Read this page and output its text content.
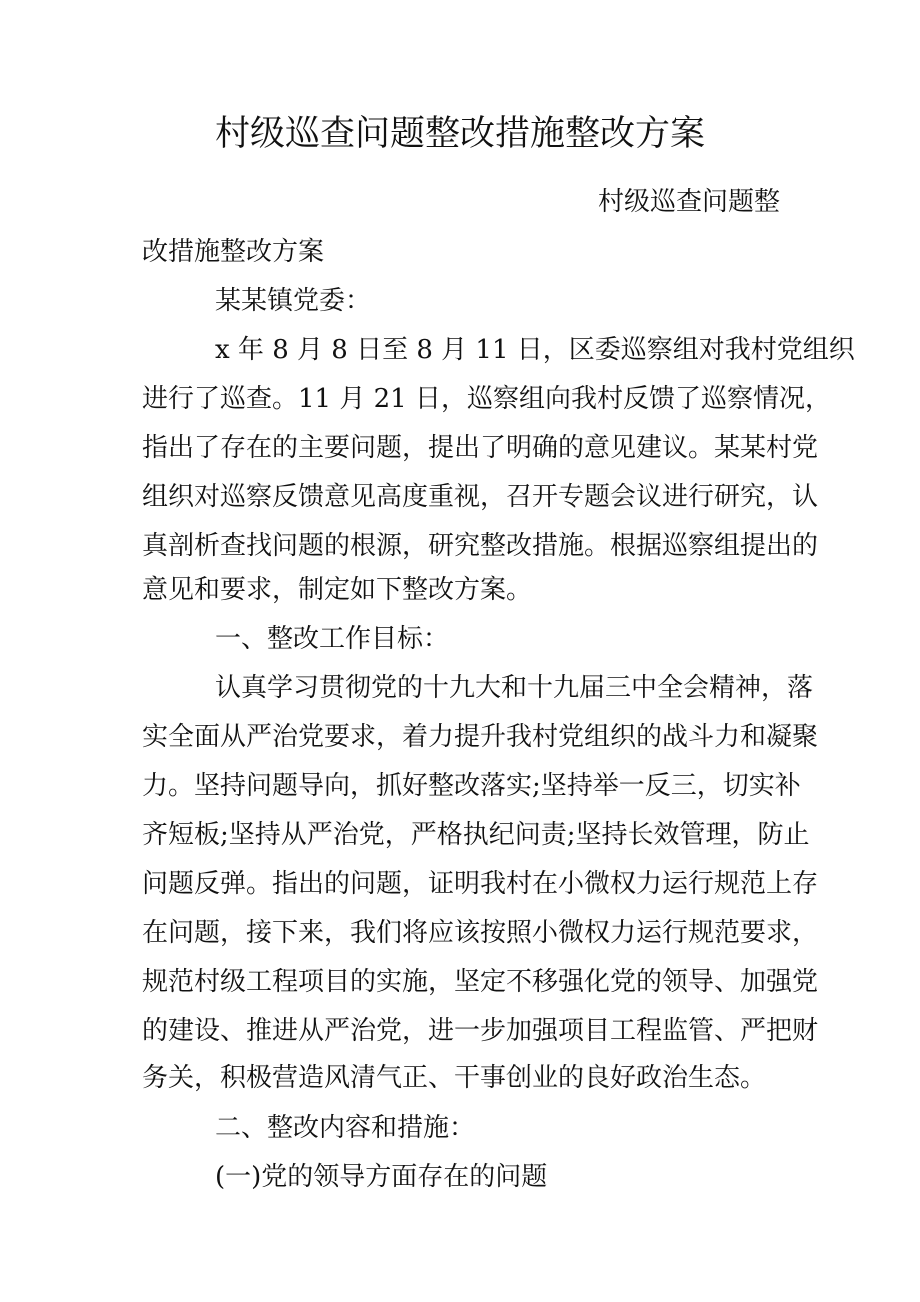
村级巡查问题整改措施整改方案
村级巡查问题整
改措施整改方案
某某镇党委：
x 年 8 月 8 日至 8 月 11 日，区委巡察组对我村党组织
进行了巡查。11 月 21 日，巡察组向我村反馈了巡察情况，
指出了存在的主要问题，提出了明确的意见建议。某某村党
组织对巡察反馈意见高度重视，召开专题会议进行研究，认
真剖析查找问题的根源，研究整改措施。根据巡察组提出的
意见和要求，制定如下整改方案。
一、整改工作目标：
认真学习贯彻党的十九大和十九届三中全会精神，落
实全面从严治党要求，着力提升我村党组织的战斗力和凝聚
力。坚持问题导向，抓好整改落实;坚持举一反三，切实补
齐短板;坚持从严治党，严格执纪问责;坚持长效管理，防止
问题反弹。指出的问题，证明我村在小微权力运行规范上存
在问题，接下来，我们将应该按照小微权力运行规范要求，
规范村级工程项目的实施，坚定不移强化党的领导、加强党
的建设、推进从严治党，进一步加强项目工程监管、严把财
务关，积极营造风清气正、干事创业的良好政治生态。
二、整改内容和措施：
(一)党的领导方面存在的问题
